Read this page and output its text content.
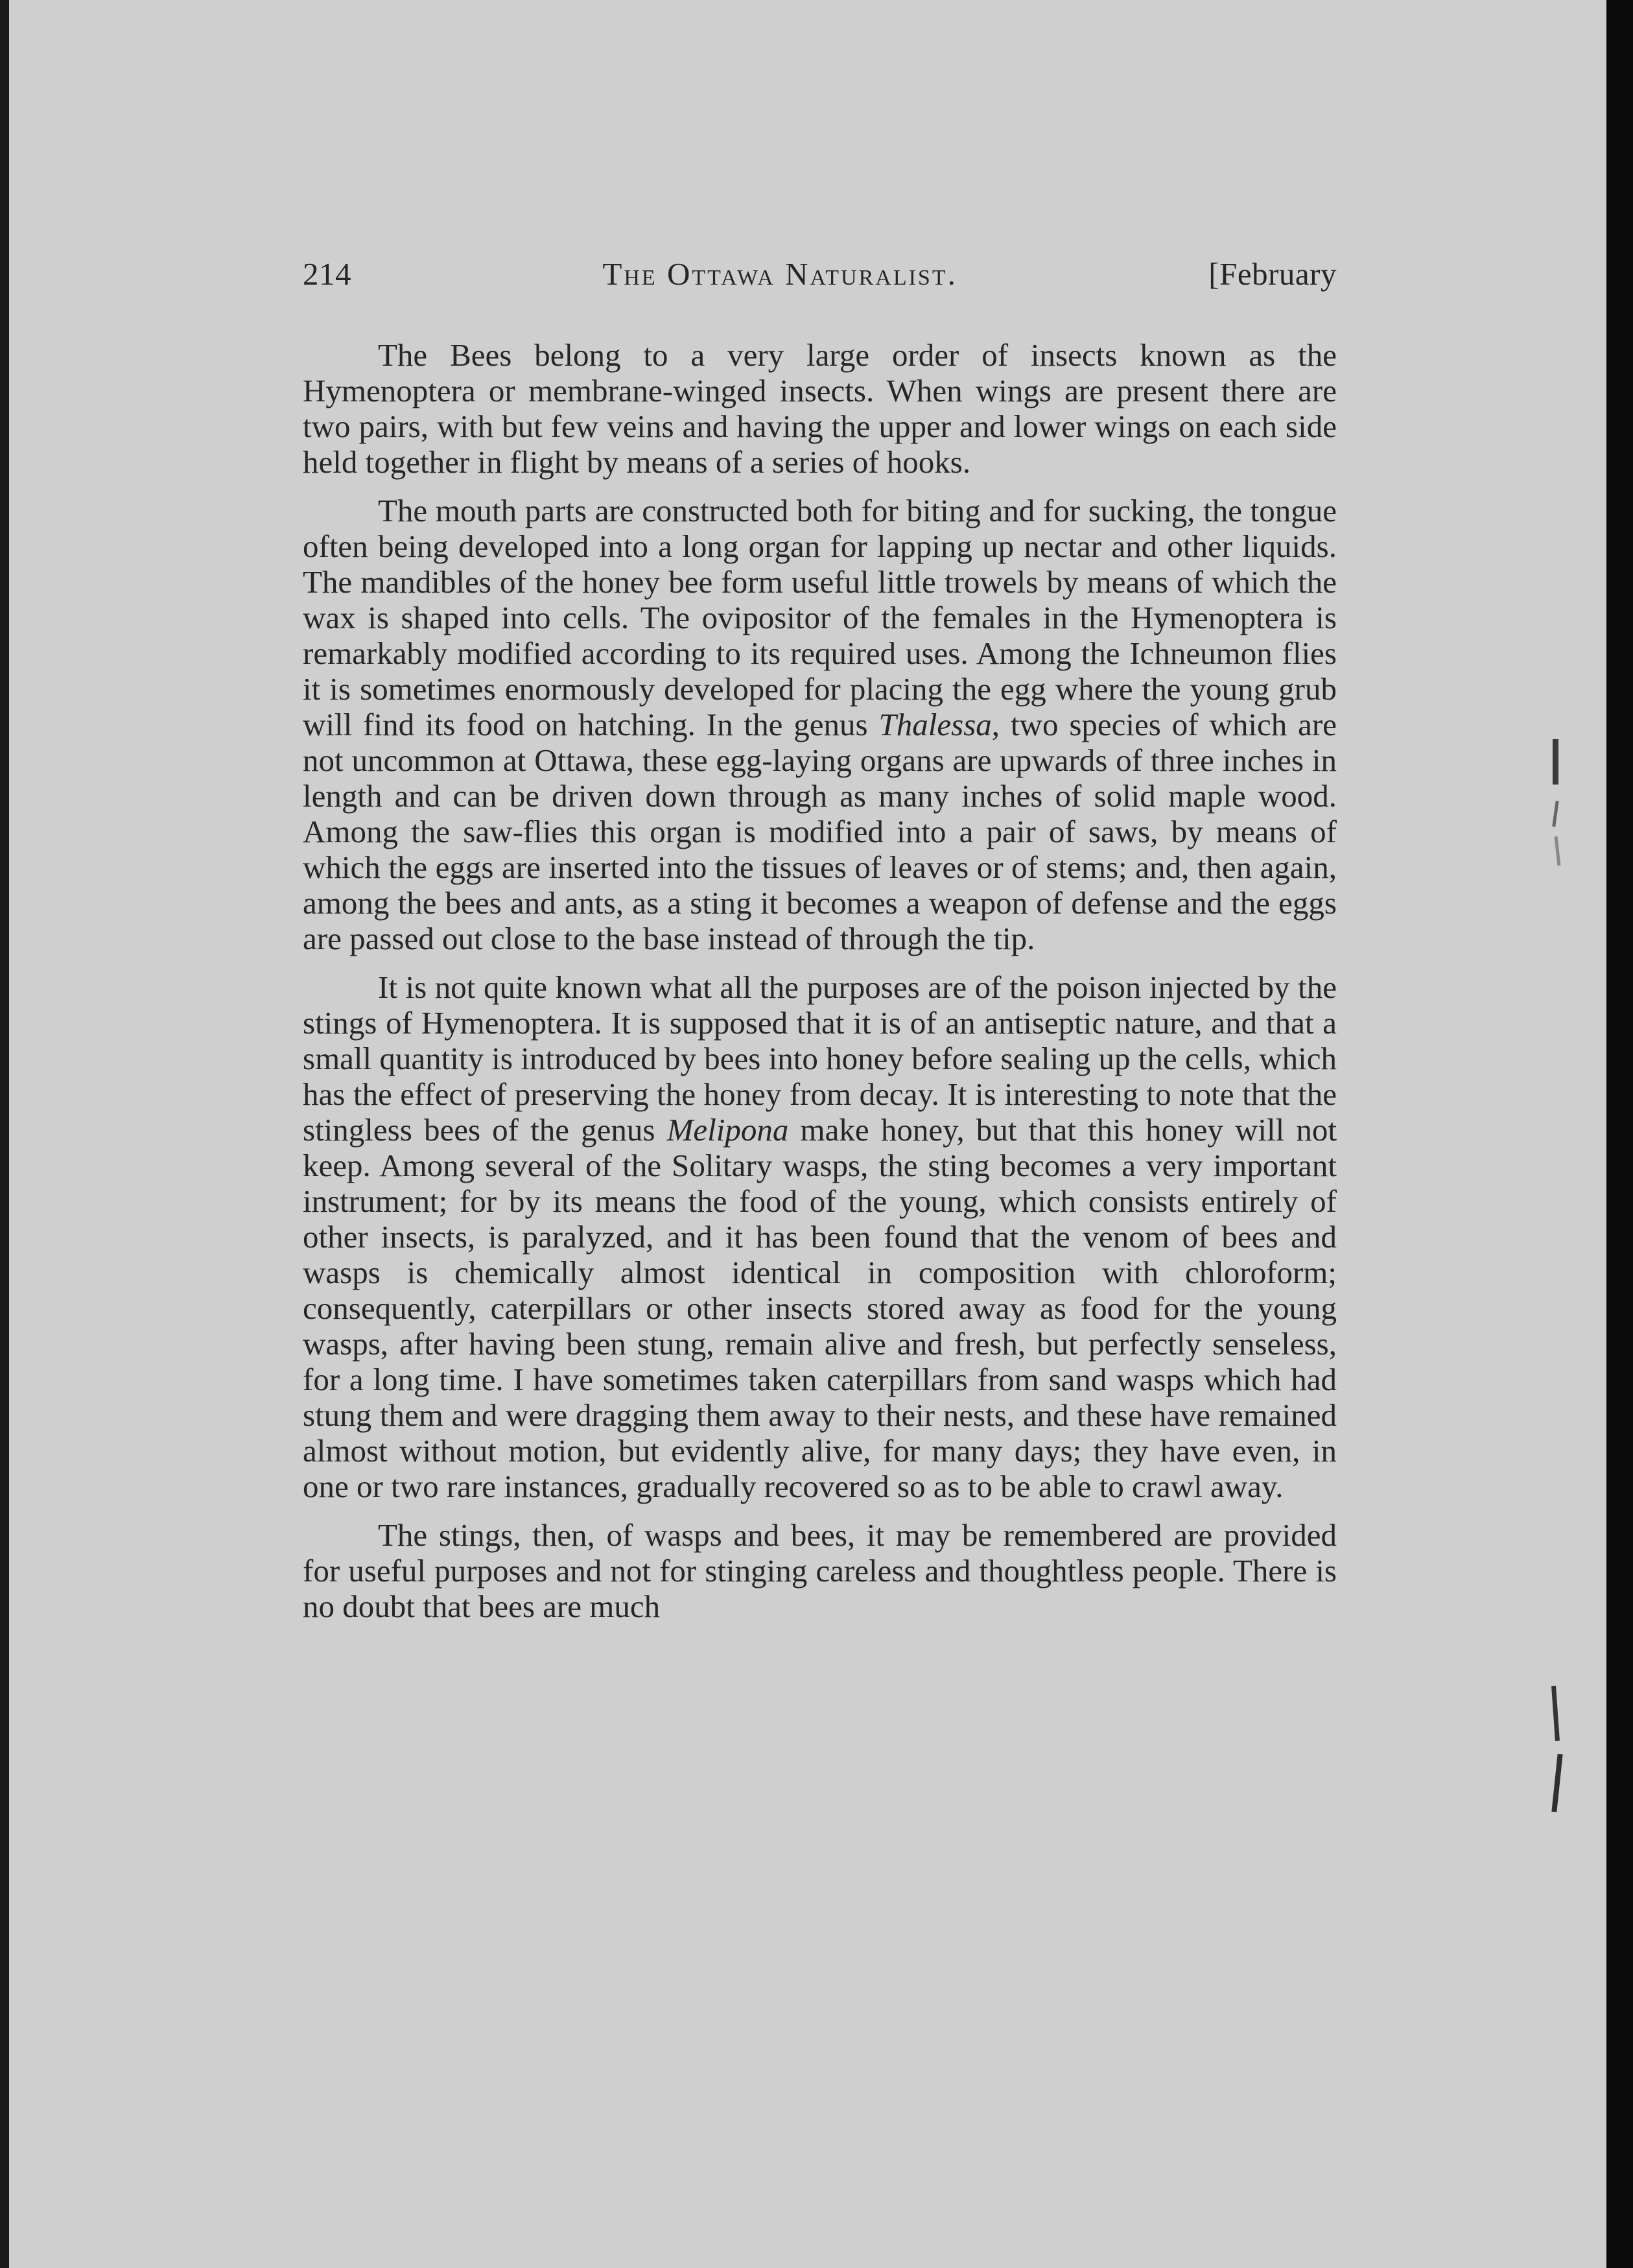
214	The Ottawa Naturalist.	[February

The Bees belong to a very large order of insects known as the Hymenoptera or membrane-winged insects. When wings are present there are two pairs, with but few veins and having the upper and lower wings on each side held together in flight by means of a series of hooks.

The mouth parts are constructed both for biting and for sucking, the tongue often being developed into a long organ for lapping up nectar and other liquids. The mandibles of the honey bee form useful little trowels by means of which the wax is shaped into cells. The ovipositor of the females in the Hymenoptera is remarkably modified according to its required uses. Among the Ichneumon flies it is sometimes enormously developed for placing the egg where the young grub will find its food on hatching. In the genus Thalessa, two species of which are not uncommon at Ottawa, these egg-laying organs are upwards of three inches in length and can be driven down through as many inches of solid maple wood. Among the saw-flies this organ is modified into a pair of saws, by means of which the eggs are inserted into the tissues of leaves or of stems; and, then again, among the bees and ants, as a sting it becomes a weapon of defense and the eggs are passed out close to the base instead of through the tip.

It is not quite known what all the purposes are of the poison injected by the stings of Hymenoptera. It is supposed that it is of an antiseptic nature, and that a small quantity is introduced by bees into honey before sealing up the cells, which has the effect of preserving the honey from decay. It is interesting to note that the stingless bees of the genus Melipona make honey, but that this honey will not keep. Among several of the Solitary wasps, the sting becomes a very important instrument; for by its means the food of the young, which consists entirely of other insects, is paralyzed, and it has been found that the venom of bees and wasps is chemically almost identical in composition with chloroform; consequently, caterpillars or other insects stored away as food for the young wasps, after having been stung, remain alive and fresh, but perfectly senseless, for a long time. I have sometimes taken caterpillars from sand wasps which had stung them and were dragging them away to their nests, and these have remained almost without motion, but evidently alive, for many days; they have even, in one or two rare instances, gradually recovered so as to be able to crawl away.

The stings, then, of wasps and bees, it may be remembered are provided for useful purposes and not for stinging careless and thoughtless people. There is no doubt that bees are much
